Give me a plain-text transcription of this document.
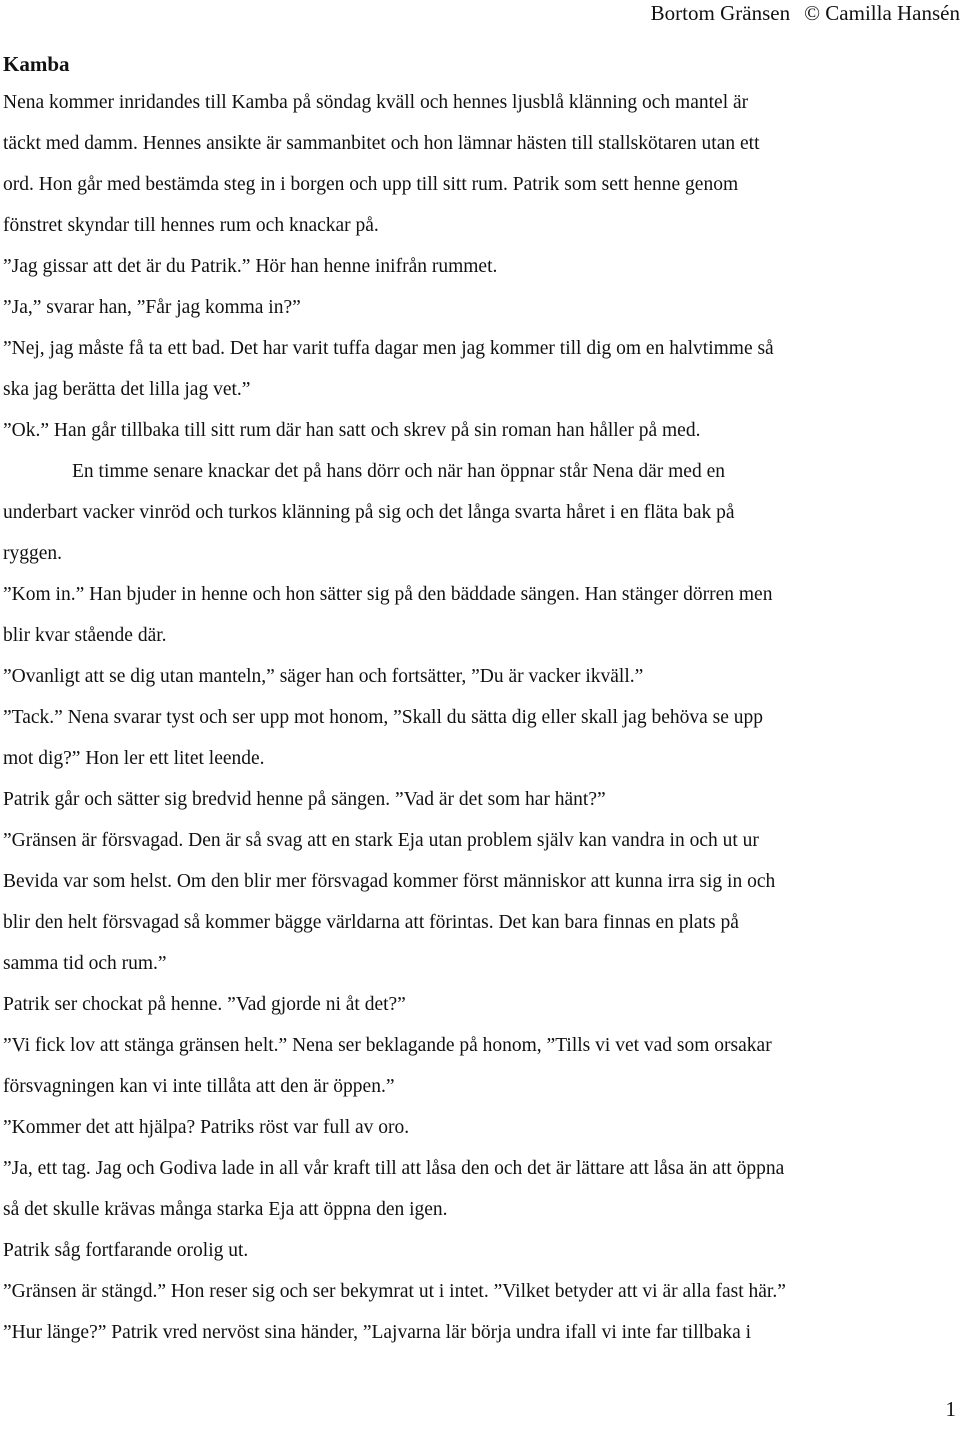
Bortom Gränsen © Camilla Hansén
Kamba

Nena kommer inridandes till Kamba på söndag kväll och hennes ljusblå klänning och mantel är

täckt med damm. Hennes ansikte är sammanbitet och hon lämnar hästen till stallskötaren utan ett

ord. Hon går med bestämda steg in i borgen och upp till sitt rum. Patrik som sett henne genom

fönstret skyndar till hennes rum och knackar på.

”Jag gissar att det är du Patrik.” Hör han henne inifrån rummet.

”Ja,” svarar han, ”Får jag komma in?”

”Nej, jag måste få ta ett bad. Det har varit tuffa dagar men jag kommer till dig om en halvtimme så

ska jag berätta det lilla jag vet.”

”Ok.” Han går tillbaka till sitt rum där han satt och skrev på sin roman han håller på med.

En timme senare knackar det på hans dörr och när han öppnar står Nena där med en

underbart vacker vinröd och turkos klänning på sig och det långa svarta håret i en fläta bak på

ryggen.

”Kom in.” Han bjuder in henne och hon sätter sig på den bäddade sängen. Han stänger dörren men

blir kvar stående där.

”Ovanligt att se dig utan manteln,” säger han och fortsätter, ”Du är vacker ikväll.”

”Tack.” Nena svarar tyst och ser upp mot honom, ”Skall du sätta dig eller skall jag behöva se upp

mot dig?” Hon ler ett litet leende.

Patrik går och sätter sig bredvid henne på sängen. ”Vad är det som har hänt?”

”Gränsen är försvagad. Den är så svag att en stark Eja utan problem själv kan vandra in och ut ur

Bevida var som helst. Om den blir mer försvagad kommer först människor att kunna irra sig in och

blir den helt försvagad så kommer bägge världarna att förintas. Det kan bara finnas en plats på

samma tid och rum.”

Patrik ser chockat på henne. ”Vad gjorde ni åt det?”

”Vi fick lov att stänga gränsen helt.” Nena ser beklagande på honom, ”Tills vi vet vad som orsakar

försvagningen kan vi inte tillåta att den är öppen.”

”Kommer det att hjälpa? Patriks röst var full av oro.

”Ja, ett tag. Jag och Godiva lade in all vår kraft till att låsa den och det är lättare att låsa än att öppna

så det skulle krävas många starka Eja att öppna den igen.

Patrik såg fortfarande orolig ut.

”Gränsen är stängd.” Hon reser sig och ser bekymrat ut i intet. ”Vilket betyder att vi är alla fast här.”

”Hur länge?” Patrik vred nervöst sina händer, ”Lajvarna lär börja undra ifall vi inte far tillbaka i

1
